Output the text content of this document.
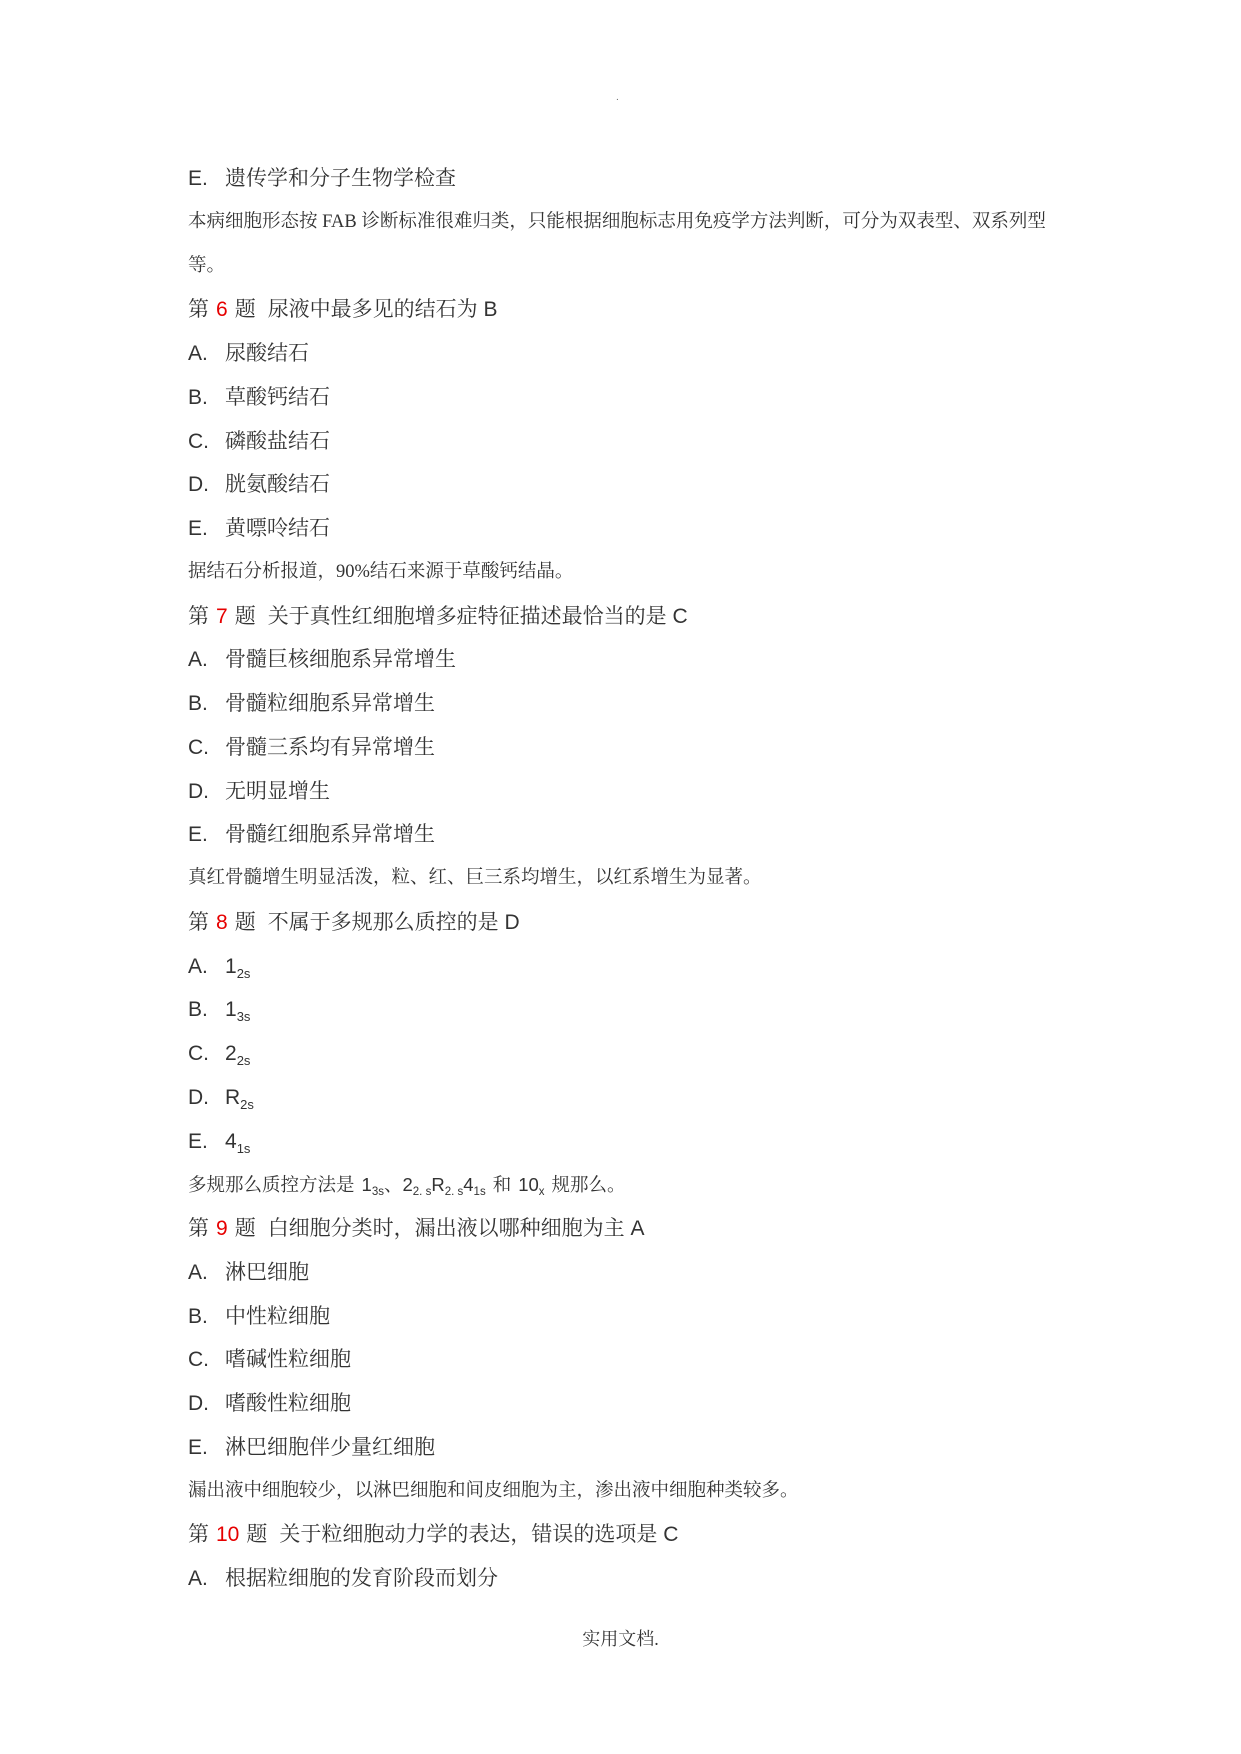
.
E. 遗传学和分子生物学检查
本病细胞形态按 FAB 诊断标准很难归类，只能根据细胞标志用免疫学方法判断，可分为双表型、双系列型
等。
第 6 题 尿液中最多见的结石为 B
A. 尿酸结石
B. 草酸钙结石
C. 磷酸盐结石
D. 胱氨酸结石
E. 黄嘌呤结石
据结石分析报道，90%结石来源于草酸钙结晶。
第 7 题 关于真性红细胞增多症特征描述最恰当的是 C
A. 骨髓巨核细胞系异常增生
B. 骨髓粒细胞系异常增生
C. 骨髓三系均有异常增生
D. 无明显增生
E. 骨髓红细胞系异常增生
真红骨髓增生明显活泼，粒、红、巨三系均增生，以红系增生为显著。
第 8 题 不属于多规那么质控的是 D
A. $1_{2s}$
B. $1_{3s}$
C. $2_{2s}$
D. $R_{2s}$
E. $4_{1s}$
多规那么质控方法是 $1_{3s}$、$2_{2. s}R_{2. s}4_{1s}$ 和 $10_x$ 规那么。
第 9 题 白细胞分类时，漏出液以哪种细胞为主 A
A. 淋巴细胞
B. 中性粒细胞
C. 嗜碱性粒细胞
D. 嗜酸性粒细胞
E. 淋巴细胞伴少量红细胞
漏出液中细胞较少，以淋巴细胞和间皮细胞为主，渗出液中细胞种类较多。
第 10 题 关于粒细胞动力学的表达，错误的选项是 C
A. 根据粒细胞的发育阶段而划分
实用文档.
